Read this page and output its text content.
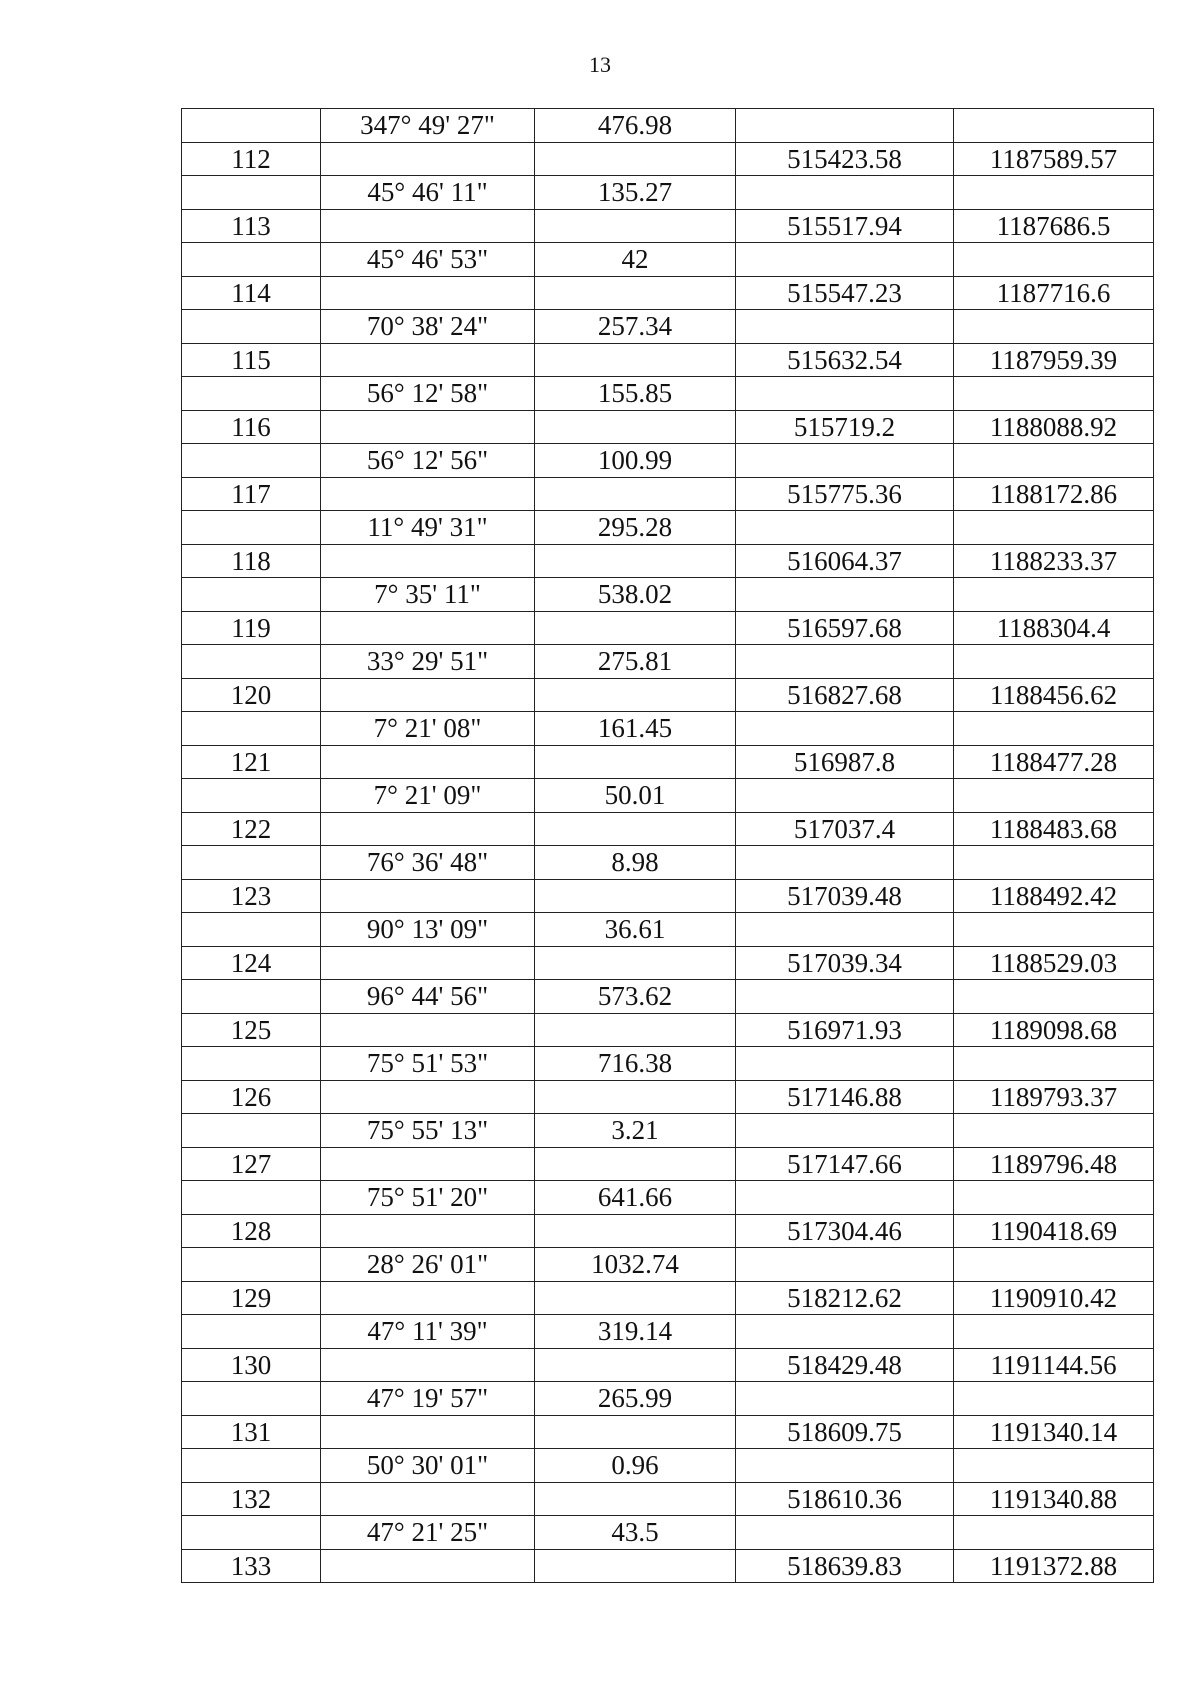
13
	347° 49' 27"	476.98		
112			515423.58	1187589.57
	45° 46' 11"	135.27		
113			515517.94	1187686.5
	45° 46' 53"	42		
114			515547.23	1187716.6
	70° 38' 24"	257.34		
115			515632.54	1187959.39
	56° 12' 58"	155.85		
116			515719.2	1188088.92
	56° 12' 56"	100.99		
117			515775.36	1188172.86
	11° 49' 31"	295.28		
118			516064.37	1188233.37
	7° 35' 11"	538.02		
119			516597.68	1188304.4
	33° 29' 51"	275.81		
120			516827.68	1188456.62
	7° 21' 08"	161.45		
121			516987.8	1188477.28
	7° 21' 09"	50.01		
122			517037.4	1188483.68
	76° 36' 48"	8.98		
123			517039.48	1188492.42
	90° 13' 09"	36.61		
124			517039.34	1188529.03
	96° 44' 56"	573.62		
125			516971.93	1189098.68
	75° 51' 53"	716.38		
126			517146.88	1189793.37
	75° 55' 13"	3.21		
127			517147.66	1189796.48
	75° 51' 20"	641.66		
128			517304.46	1190418.69
	28° 26' 01"	1032.74		
129			518212.62	1190910.42
	47° 11' 39"	319.14		
130			518429.48	1191144.56
	47° 19' 57"	265.99		
131			518609.75	1191340.14
	50° 30' 01"	0.96		
132			518610.36	1191340.88
	47° 21' 25"	43.5		
133			518639.83	1191372.88
